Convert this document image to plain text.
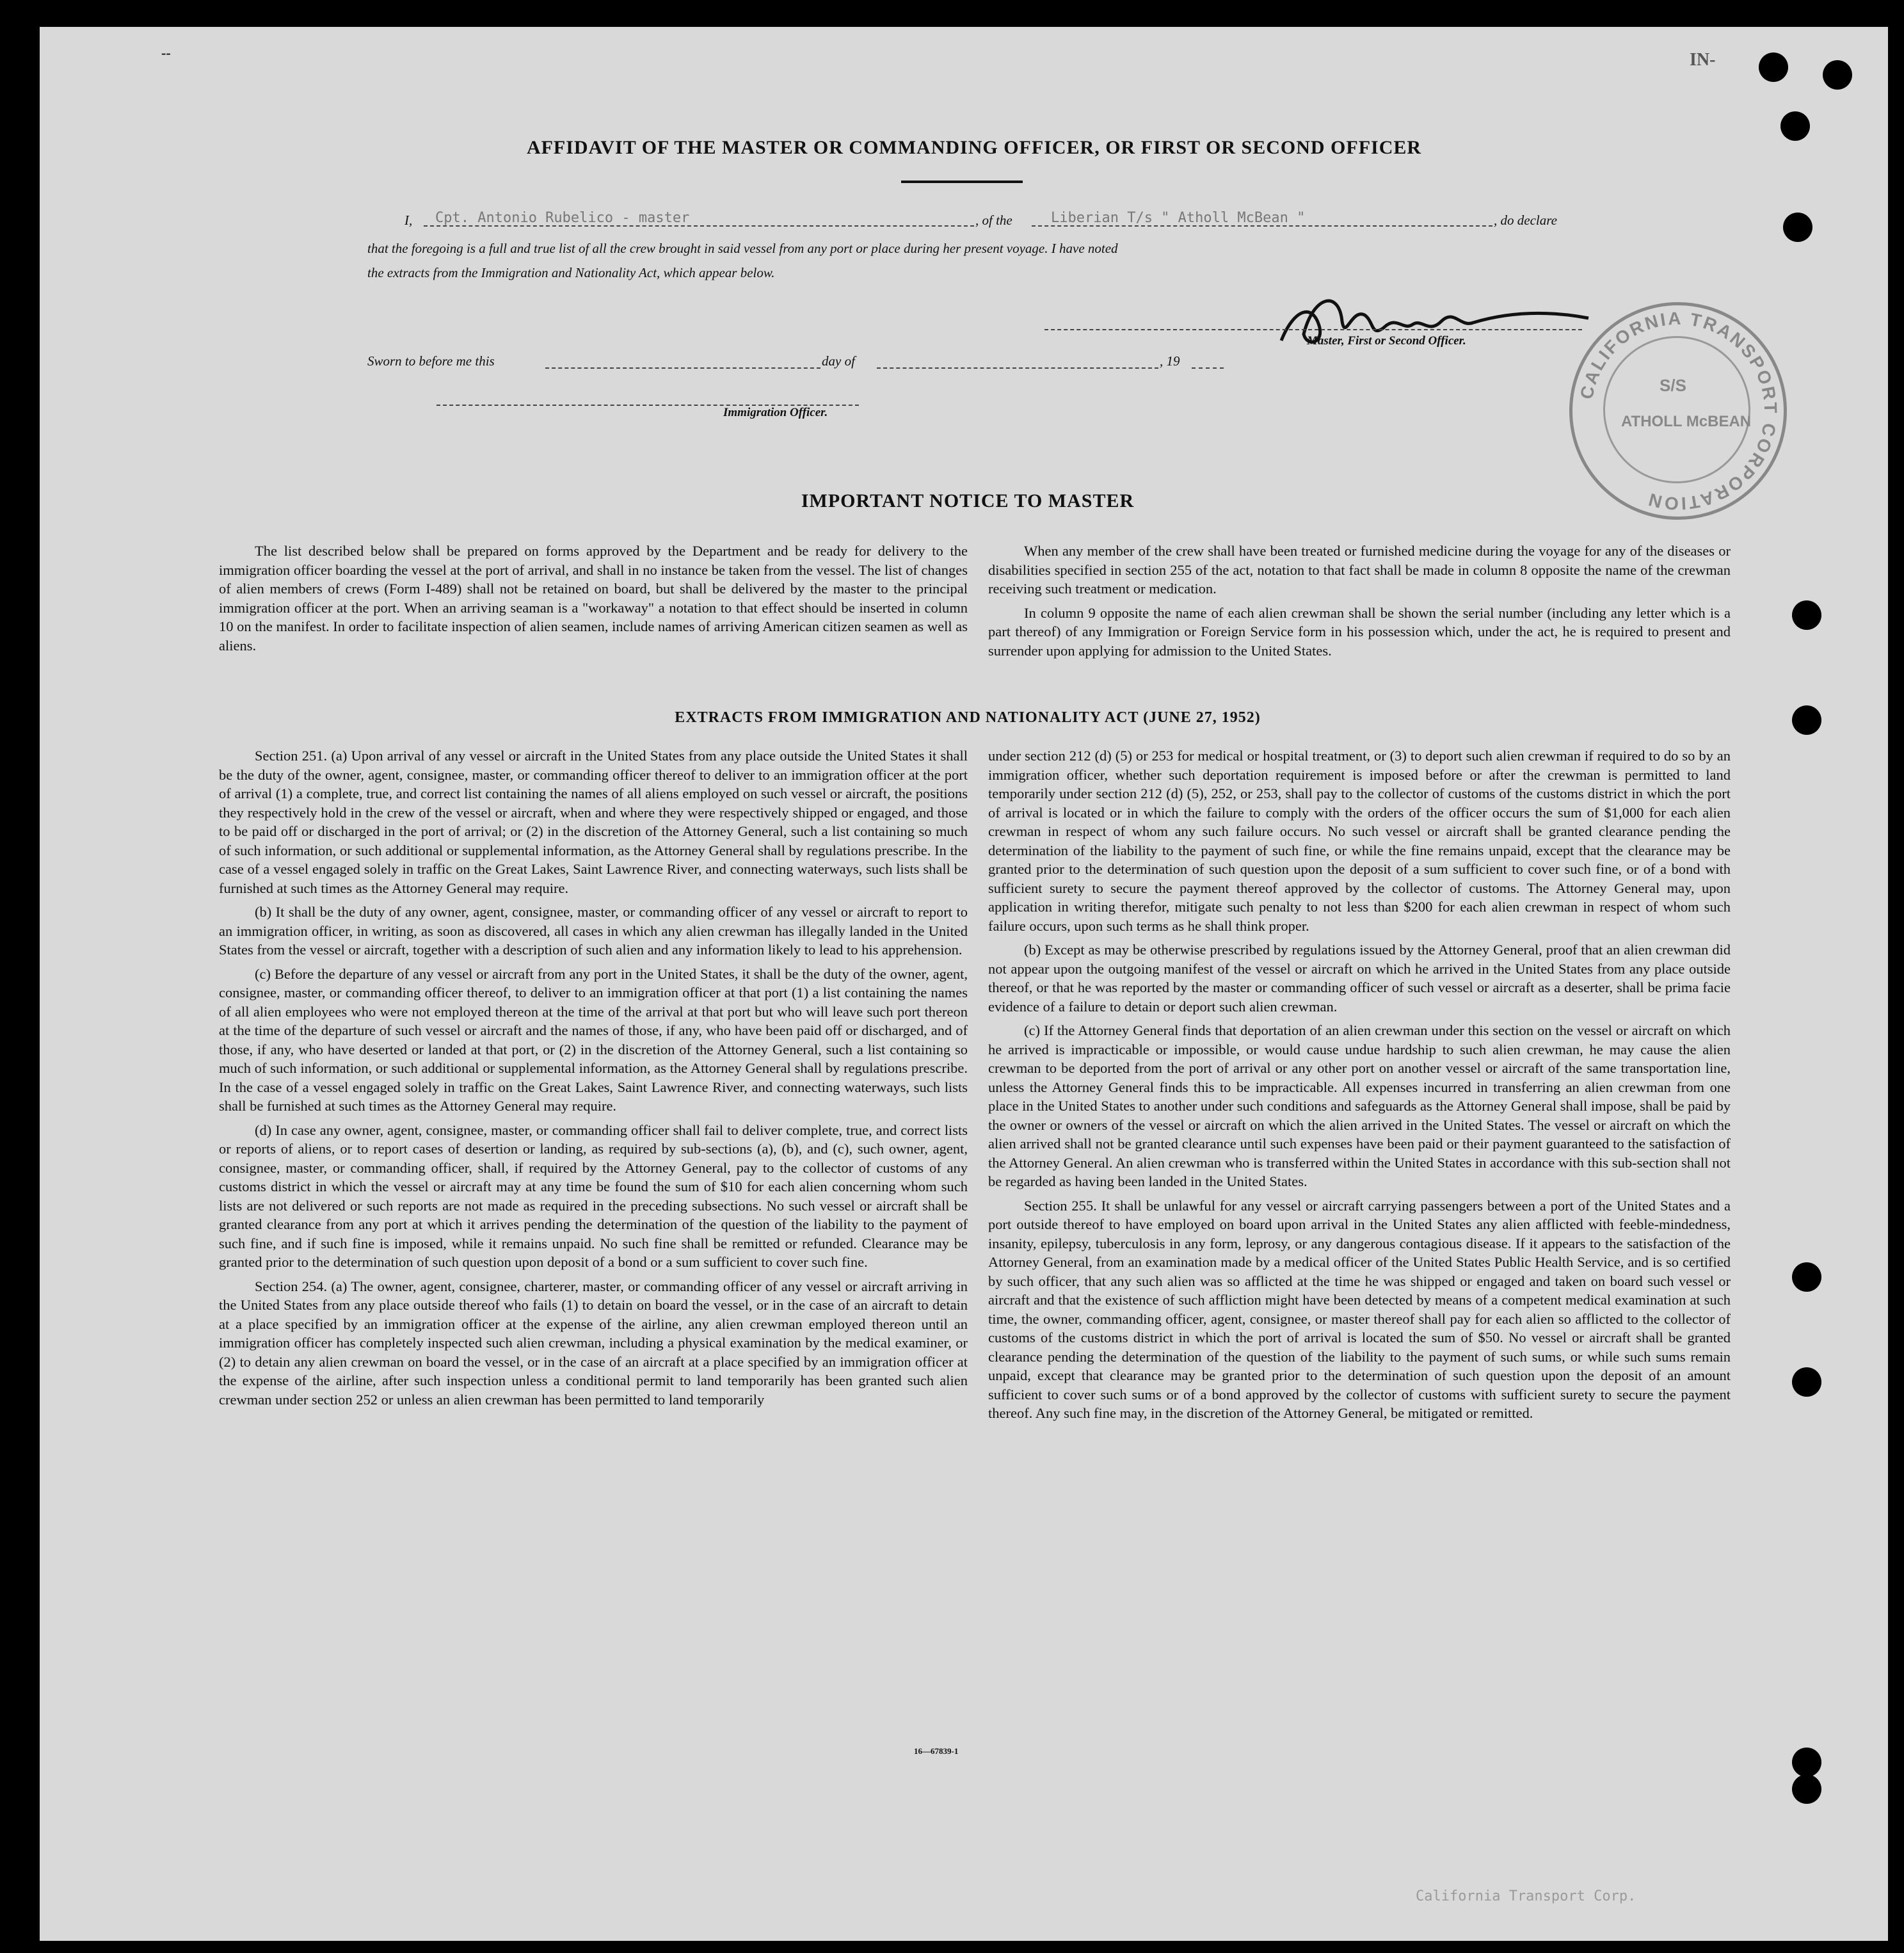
--	IN-
AFFIDAVIT OF THE MASTER OR COMMANDING OFFICER, OR FIRST OR SECOND OFFICER
I, Cpt. Antonio Rubelico - master	, of the	Liberian T/s " Atholl McBean "	, do declare
that the foregoing is a full and true list of all the crew brought in said vessel from any port or place during her present voyage. I have noted
the extracts from the Immigration and Nationality Act, which appear below.
Master, First or Second Officer.
Sworn to before me this	day of	, 19
Immigration Officer.
CALIFORNIA TRANSPORT CORPORATION
S/S
ATHOLL McBEAN
IMPORTANT NOTICE TO MASTER

The list described below shall be prepared on forms approved by the Department and be ready for delivery to the immigration officer boarding the vessel at the port of arrival, and shall in no instance be taken from the vessel. The list of changes of alien members of crews (Form I-489) shall not be retained on board, but shall be delivered by the master to the principal immigration officer at the port. When an arriving seaman is a "workaway" a notation to that effect should be inserted in column 10 on the manifest. In order to facilitate inspection of alien seamen, include names of arriving American citizen seamen as well as aliens.

When any member of the crew shall have been treated or furnished medicine during the voyage for any of the diseases or disabilities specified in section 255 of the act, notation to that fact shall be made in column 8 opposite the name of the crewman receiving such treatment or medication.

In column 9 opposite the name of each alien crewman shall be shown the serial number (including any letter which is a part thereof) of any Immigration or Foreign Service form in his possession which, under the act, he is required to present and surrender upon applying for admission to the United States.

EXTRACTS FROM IMMIGRATION AND NATIONALITY ACT (JUNE 27, 1952)

Section 251. (a) Upon arrival of any vessel or aircraft in the United States from any place outside the United States it shall be the duty of the owner, agent, consignee, master, or commanding officer thereof to deliver to an immigration officer at the port of arrival (1) a complete, true, and correct list containing the names of all aliens employed on such vessel or aircraft, the positions they respectively hold in the crew of the vessel or aircraft, when and where they were respectively shipped or engaged, and those to be paid off or discharged in the port of arrival; or (2) in the discretion of the Attorney General, such a list containing so much of such information, or such additional or supplemental information, as the Attorney General shall by regulations prescribe. In the case of a vessel engaged solely in traffic on the Great Lakes, Saint Lawrence River, and connecting waterways, such lists shall be furnished at such times as the Attorney General may require.

(b) It shall be the duty of any owner, agent, consignee, master, or commanding officer of any vessel or aircraft to report to an immigration officer, in writing, as soon as discovered, all cases in which any alien crewman has illegally landed in the United States from the vessel or aircraft, together with a description of such alien and any information likely to lead to his apprehension.

(c) Before the departure of any vessel or aircraft from any port in the United States, it shall be the duty of the owner, agent, consignee, master, or commanding officer thereof, to deliver to an immigration officer at that port (1) a list containing the names of all alien employees who were not employed thereon at the time of the arrival at that port but who will leave such port thereon at the time of the departure of such vessel or aircraft and the names of those, if any, who have been paid off or discharged, and of those, if any, who have deserted or landed at that port, or (2) in the discretion of the Attorney General, such a list containing so much of such information, or such additional or supplemental information, as the Attorney General shall by regulations prescribe. In the case of a vessel engaged solely in traffic on the Great Lakes, Saint Lawrence River, and connecting waterways, such lists shall be furnished at such times as the Attorney General may require.

(d) In case any owner, agent, consignee, master, or commanding officer shall fail to deliver complete, true, and correct lists or reports of aliens, or to report cases of desertion or landing, as required by sub-sections (a), (b), and (c), such owner, agent, consignee, master, or commanding officer, shall, if required by the Attorney General, pay to the collector of customs of any customs district in which the vessel or aircraft may at any time be found the sum of $10 for each alien concerning whom such lists are not delivered or such reports are not made as required in the preceding subsections. No such vessel or aircraft shall be granted clearance from any port at which it arrives pending the determination of the question of the liability to the payment of such fine, and if such fine is imposed, while it remains unpaid. No such fine shall be remitted or refunded. Clearance may be granted prior to the determination of such question upon deposit of a bond or a sum sufficient to cover such fine.

Section 254. (a) The owner, agent, consignee, charterer, master, or commanding officer of any vessel or aircraft arriving in the United States from any place outside thereof who fails (1) to detain on board the vessel, or in the case of an aircraft to detain at a place specified by an immigration officer at the expense of the airline, any alien crewman employed thereon until an immigration officer has completely inspected such alien crewman, including a physical examination by the medical examiner, or (2) to detain any alien crewman on board the vessel, or in the case of an aircraft at a place specified by an immigration officer at the expense of the airline, after such inspection unless a conditional permit to land temporarily has been granted such alien crewman under section 252 or unless an alien crewman has been permitted to land temporarily

under section 212 (d) (5) or 253 for medical or hospital treatment, or (3) to deport such alien crewman if required to do so by an immigration officer, whether such deportation requirement is imposed before or after the crewman is permitted to land temporarily under section 212 (d) (5), 252, or 253, shall pay to the collector of customs of the customs district in which the port of arrival is located or in which the failure to comply with the orders of the officer occurs the sum of $1,000 for each alien crewman in respect of whom any such failure occurs. No such vessel or aircraft shall be granted clearance pending the determination of the liability to the payment of such fine, or while the fine remains unpaid, except that the clearance may be granted prior to the determination of such question upon the deposit of a sum sufficient to cover such fine, or of a bond with sufficient surety to secure the payment thereof approved by the collector of customs. The Attorney General may, upon application in writing therefor, mitigate such penalty to not less than $200 for each alien crewman in respect of whom such failure occurs, upon such terms as he shall think proper.

(b) Except as may be otherwise prescribed by regulations issued by the Attorney General, proof that an alien crewman did not appear upon the outgoing manifest of the vessel or aircraft on which he arrived in the United States from any place outside thereof, or that he was reported by the master or commanding officer of such vessel or aircraft as a deserter, shall be prima facie evidence of a failure to detain or deport such alien crewman.

(c) If the Attorney General finds that deportation of an alien crewman under this section on the vessel or aircraft on which he arrived is impracticable or impossible, or would cause undue hardship to such alien crewman, he may cause the alien crewman to be deported from the port of arrival or any other port on another vessel or aircraft of the same transportation line, unless the Attorney General finds this to be impracticable. All expenses incurred in transferring an alien crewman from one place in the United States to another under such conditions and safeguards as the Attorney General shall impose, shall be paid by the owner or owners of the vessel or aircraft on which the alien arrived in the United States. The vessel or aircraft on which the alien arrived shall not be granted clearance until such expenses have been paid or their payment guaranteed to the satisfaction of the Attorney General. An alien crewman who is transferred within the United States in accordance with this sub-section shall not be regarded as having been landed in the United States.

Section 255. It shall be unlawful for any vessel or aircraft carrying passengers between a port of the United States and a port outside thereof to have employed on board upon arrival in the United States any alien afflicted with feeble-mindedness, insanity, epilepsy, tuberculosis in any form, leprosy, or any dangerous contagious disease. If it appears to the satisfaction of the Attorney General, from an examination made by a medical officer of the United States Public Health Service, and is so certified by such officer, that any such alien was so afflicted at the time he was shipped or engaged and taken on board such vessel or aircraft and that the existence of such affliction might have been detected by means of a competent medical examination at such time, the owner, commanding officer, agent, consignee, or master thereof shall pay for each alien so afflicted to the collector of customs of the customs district in which the port of arrival is located the sum of $50. No vessel or aircraft shall be granted clearance pending the determination of the question of the liability to the payment of such sums, or while such sums remain unpaid, except that clearance may be granted prior to the determination of such question upon the deposit of an amount sufficient to cover such sums or of a bond approved by the collector of customs with sufficient surety to secure the payment thereof. Any such fine may, in the discretion of the Attorney General, be mitigated or remitted.

16—67839-1
California Transport Corp.
